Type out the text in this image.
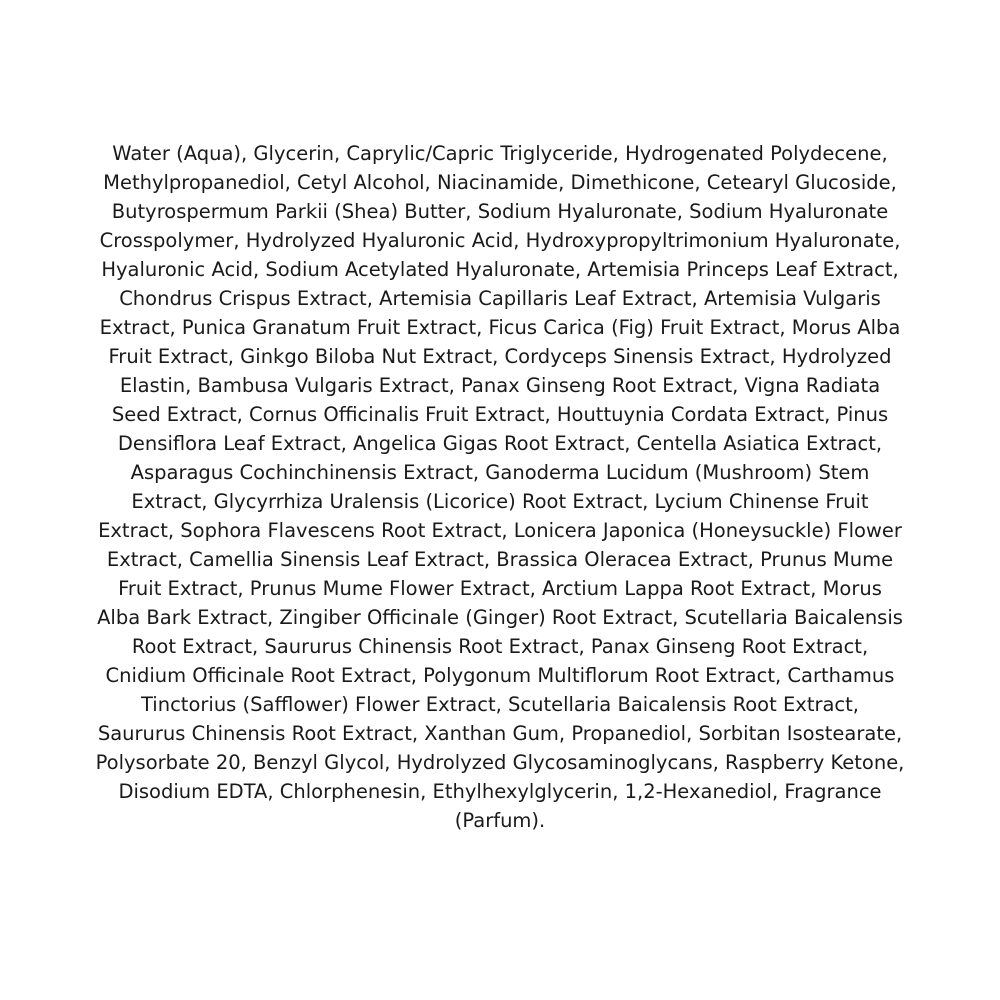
Water (Aqua), Glycerin, Caprylic/Capric Triglyceride, Hydrogenated Polydecene, Methylpropanediol, Cetyl Alcohol, Niacinamide, Dimethicone, Cetearyl Glucoside, Butyrospermum Parkii (Shea) Butter, Sodium Hyaluronate, Sodium Hyaluronate Crosspolymer, Hydrolyzed Hyaluronic Acid, Hydroxypropyltrimonium Hyaluronate, Hyaluronic Acid, Sodium Acetylated Hyaluronate, Artemisia Princeps Leaf Extract, Chondrus Crispus Extract, Artemisia Capillaris Leaf Extract, Artemisia Vulgaris Extract, Punica Granatum Fruit Extract, Ficus Carica (Fig) Fruit Extract, Morus Alba Fruit Extract, Ginkgo Biloba Nut Extract, Cordyceps Sinensis Extract, Hydrolyzed Elastin, Bambusa Vulgaris Extract, Panax Ginseng Root Extract, Vigna Radiata Seed Extract, Cornus Officinalis Fruit Extract, Houttuynia Cordata Extract, Pinus Densiflora Leaf Extract, Angelica Gigas Root Extract, Centella Asiatica Extract, Asparagus Cochinchinensis Extract, Ganoderma Lucidum (Mushroom) Stem Extract, Glycyrrhiza Uralensis (Licorice) Root Extract, Lycium Chinense Fruit Extract, Sophora Flavescens Root Extract, Lonicera Japonica (Honeysuckle) Flower Extract, Camellia Sinensis Leaf Extract, Brassica Oleracea Extract, Prunus Mume Fruit Extract, Prunus Mume Flower Extract, Arctium Lappa Root Extract, Morus Alba Bark Extract, Zingiber Officinale (Ginger) Root Extract, Scutellaria Baicalensis Root Extract, Saururus Chinensis Root Extract, Panax Ginseng Root Extract, Cnidium Officinale Root Extract, Polygonum Multiflorum Root Extract, Carthamus Tinctorius (Safflower) Flower Extract, Scutellaria Baicalensis Root Extract, Saururus Chinensis Root Extract, Xanthan Gum, Propanediol, Sorbitan Isostearate, Polysorbate 20, Benzyl Glycol, Hydrolyzed Glycosaminoglycans, Raspberry Ketone, Disodium EDTA, Chlorphenesin, Ethylhexylglycerin, 1,2-Hexanediol, Fragrance (Parfum).
